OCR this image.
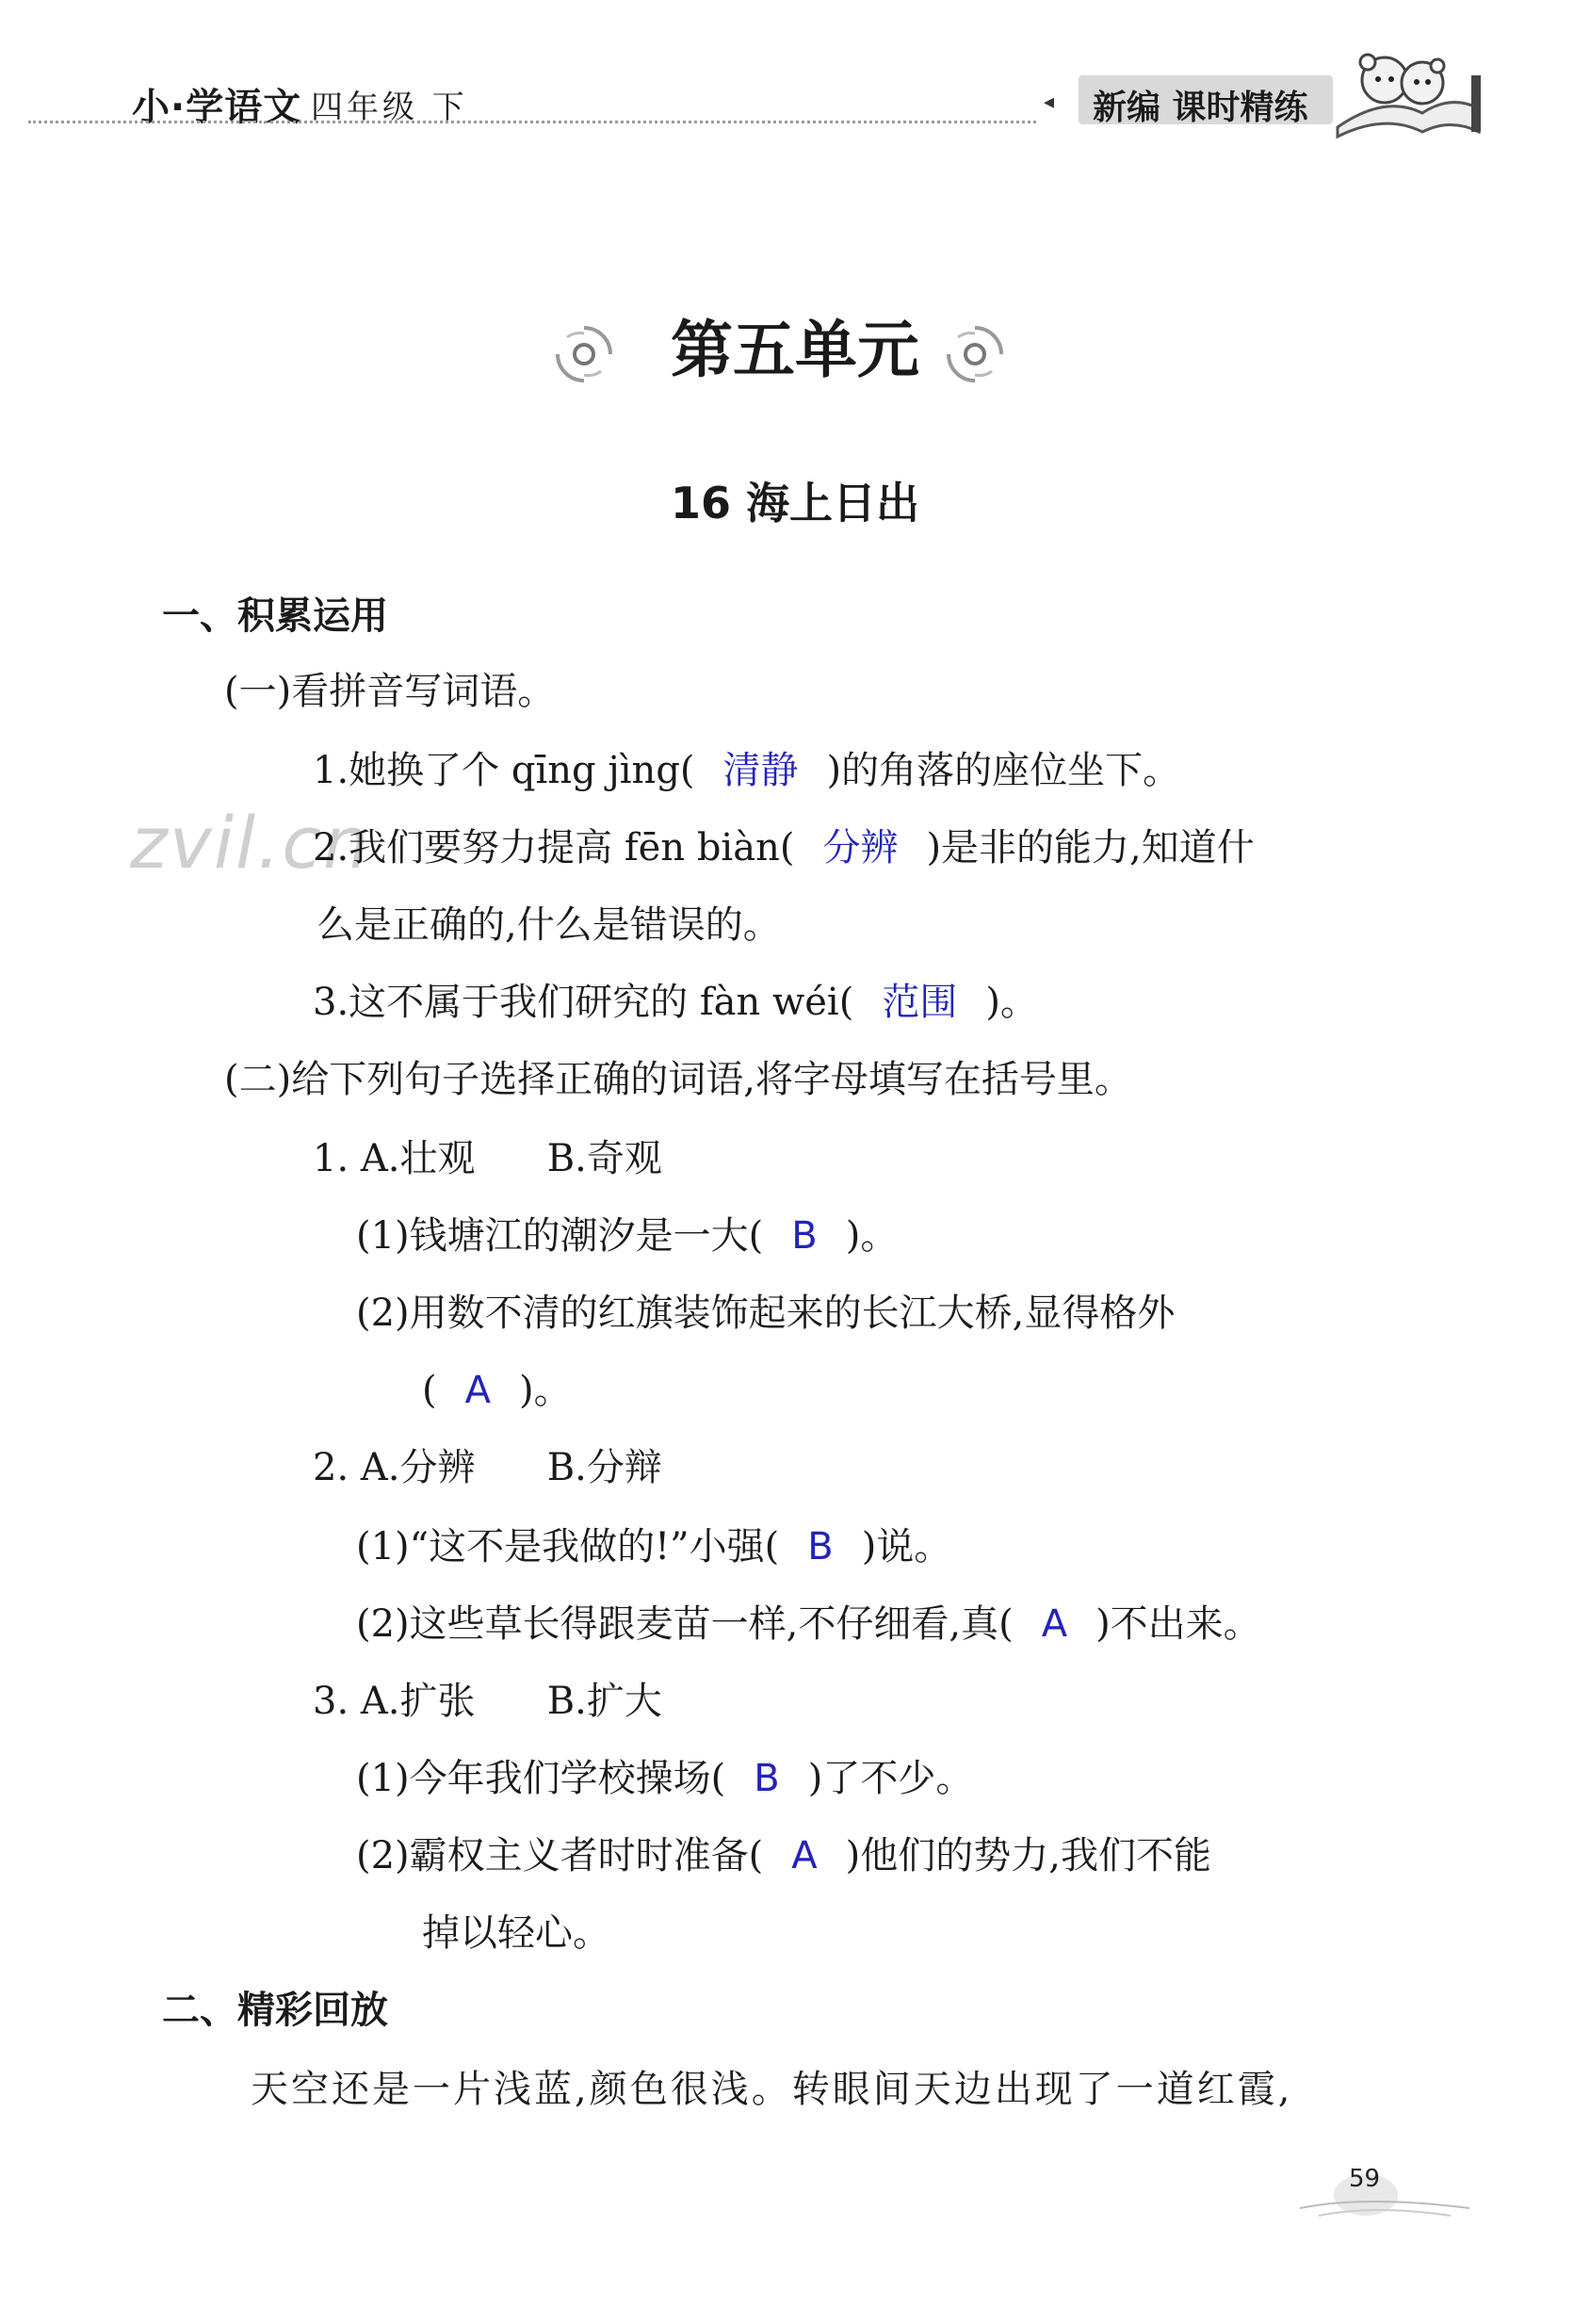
小·学语文 四年级 下	◂ 新编 课时精练
第五单元
16 海上日出
一、积累运用
(一)看拼音写词语。
1.她换了个 qīng jìng( 清静 )的角落的座位坐下。
zvil.cn
2.我们要努力提高 fēn biàn( 分辨 )是非的能力,知道什
么是正确的,什么是错误的。
3.这不属于我们研究的 fàn wéi( 范围 )。
(二)给下列句子选择正确的词语,将字母填写在括号里。
1. A.壮观      B.奇观
(1)钱塘江的潮汐是一大( B )。
(2)用数不清的红旗装饰起来的长江大桥,显得格外
( A )。
2. A.分辨      B.分辩
(1)“这不是我做的!”小强( B )说。
(2)这些草长得跟麦苗一样,不仔细看,真( A )不出来。
3. A.扩张      B.扩大
(1)今年我们学校操场( B )了不少。
(2)霸权主义者时时准备( A )他们的势力,我们不能
掉以轻心。
二、精彩回放
天空还是一片浅蓝,颜色很浅。转眼间天边出现了一道红霞,
59
